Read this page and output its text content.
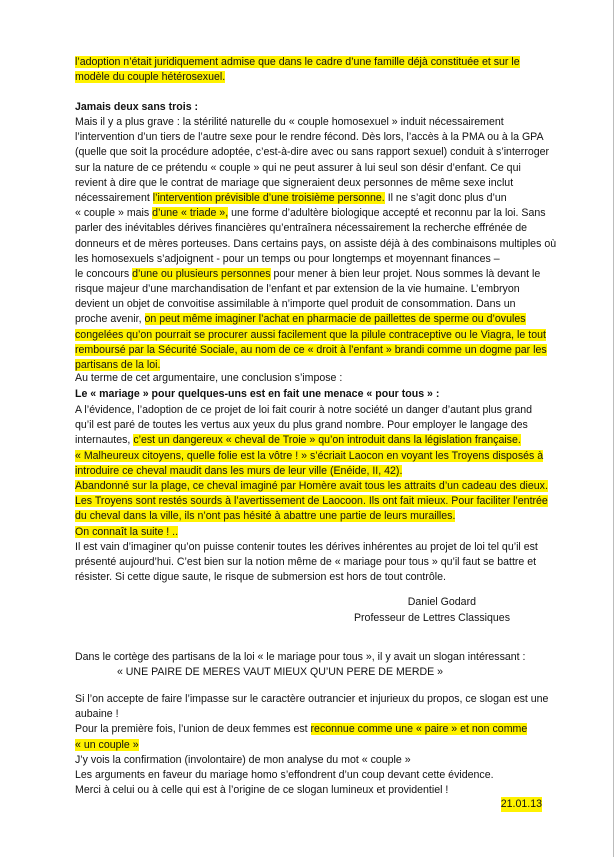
l’adoption n’était juridiquement admise que dans le cadre d’une famille déjà constituée et sur le
modèle du couple hétérosexuel.
Jamais deux sans trois :
Mais il y a plus grave : la stérilité naturelle du « couple homosexuel » induit nécessairement
l’intervention d’un tiers de l’autre sexe pour le rendre fécond. Dès lors, l’accès à la PMA ou à la GPA
(quelle que soit la procédure adoptée, c’est-à-dire avec ou sans rapport sexuel) conduit à s’interroger
sur la nature de ce prétendu « couple » qui ne peut assurer à lui seul son désir d’enfant. Ce qui
revient à dire que le contrat de mariage que signeraient deux personnes de même sexe inclut
nécessairement l’intervention prévisible d’une troisième personne. Il ne s’agit donc plus d’un
« couple » mais d’une « triade », une forme d’adultère biologique accepté et reconnu par la loi. Sans
parler des inévitables dérives financières qu’entraînera nécessairement la recherche effrénée de
donneurs et de mères porteuses. Dans certains pays, on assiste déjà à des combinaisons multiples où
les homosexuels s’adjoignent - pour un temps ou pour longtemps et moyennant finances –
le concours d’une ou plusieurs personnes pour mener à bien leur projet. Nous sommes là devant le
risque majeur d’une marchandisation de l’enfant et par extension de la vie humaine. L’embryon
devient un objet de convoitise assimilable à n’importe quel produit de consommation. Dans un
proche avenir, on peut même imaginer l’achat en pharmacie de paillettes de sperme ou d’ovules
congelées qu’on pourrait se procurer aussi facilement que la pilule contraceptive ou le Viagra, le tout
remboursé par la Sécurité Sociale, au nom de ce « droit à l’enfant » brandi comme un dogme par les
partisans de la loi.
Au terme de cet argumentaire, une conclusion s’impose :
Le « mariage » pour quelques-uns est en fait une menace « pour tous » :
A l’évidence, l’adoption de ce projet de loi fait courir à notre société un danger d’autant plus grand
qu’il est paré de toutes les vertus aux yeux du plus grand nombre. Pour employer le langage des
internautes, c’est un dangereux « cheval de Troie » qu’on introduit dans la législation française.
« Malheureux citoyens, quelle folie est la vôtre ! » s’écriait Laocon en voyant les Troyens disposés à
introduire ce cheval maudit dans les murs de leur ville (Enéide, II, 42).
Abandonné sur la plage, ce cheval imaginé par Homère avait tous les attraits d’un cadeau des dieux.
Les Troyens sont restés sourds à l’avertissement de Laocoon. Ils ont fait mieux. Pour faciliter l’entrée
du cheval dans la ville, ils n’ont pas hésité à abattre une partie de leurs murailles.
On connaît la suite ! ..
Il est vain d’imaginer qu’on puisse contenir toutes les dérives inhérentes au projet de loi tel qu’il est
présenté aujourd’hui. C’est bien sur la notion même de « mariage pour tous » qu’il faut se battre et
résister. Si cette digue saute, le risque de submersion est hors de tout contrôle.
Daniel Godard
Professeur de Lettres Classiques
Dans le cortège des partisans de la loi « le mariage pour tous », il y avait un slogan intéressant :
« UNE PAIRE DE MERES VAUT MIEUX QU’UN PERE DE MERDE »
Si l’on accepte de faire l’impasse sur le caractère outrancier et injurieux du propos, ce slogan est une
aubaine !
Pour la première fois, l’union de deux femmes est reconnue comme une « paire » et non comme
« un couple »
J’y vois la confirmation (involontaire) de mon analyse du mot « couple »
Les arguments en faveur du mariage homo s’effondrent d’un coup devant cette évidence.
Merci à celui ou à celle qui est à l’origine de ce slogan lumineux et providentiel !
21.01.13
